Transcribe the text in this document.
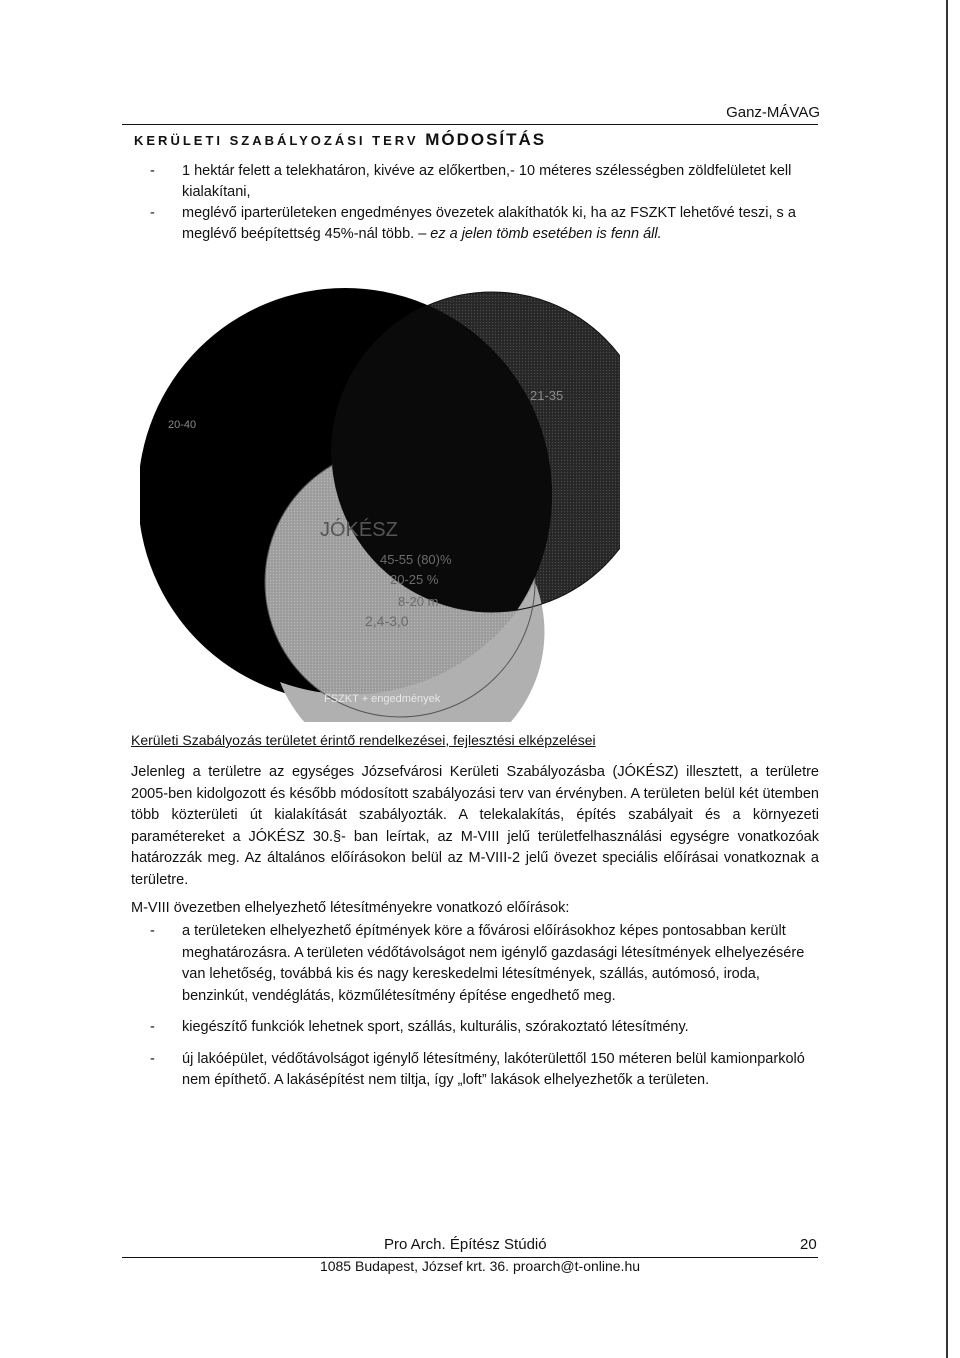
Ganz-MÁVAG
KERÜLETI SZABÁLYOZÁSI TERV MÓDOSÍTÁS
- 1 hektár felett a telekhatáron, kivéve az előkertben,- 10 méteres szélességben zöldfelületet kell kialakítani,
- meglévő iparterületeken engedményes övezetek alakíthatók ki, ha az FSZKT lehetővé teszi, s a meglévő beépítettség 45%-nál több. – ez a jelen tömb esetében is fenn áll.
20-40
21-35
JÓKÉSZ
45-55 (80)%
20-25 %
8-20 m
2,4-3,0
FSZKT + engedmények
Kerületi Szabályozás területet érintő rendelkezései, fejlesztési elképzelései
Jelenleg a területre az egységes Józsefvárosi Kerületi Szabályozásba (JÓKÉSZ) illesztett, a területre 2005-ben kidolgozott és később módosított szabályozási terv van érvényben. A területen belül két ütemben több közterületi út kialakítását szabályozták. A telekalakítás, építés szabályait és a környezeti paramétereket a JÓKÉSZ 30.§- ban leírtak, az M-VIII jelű területfelhasználási egységre vonatkozóak határozzák meg. Az általános előírásokon belül az M-VIII-2 jelű övezet speciális előírásai vonatkoznak a területre.
M-VIII övezetben elhelyezhető létesítményekre vonatkozó előírások:
- a területeken elhelyezhető építmények köre a fővárosi előírásokhoz képes pontosabban került meghatározásra. A területen védőtávolságot nem igénylő gazdasági létesítmények elhelyezésére van lehetőség, továbbá kis és nagy kereskedelmi létesítmények, szállás, autómosó, iroda, benzinkút, vendéglátás, közműlétesítmény építése engedhető meg.
- kiegészítő funkciók lehetnek sport, szállás, kulturális, szórakoztató létesítmény.
- új lakóépület, védőtávolságot igénylő létesítmény, lakóterülettől 150 méteren belül kamionparkoló nem építhető. A lakásépítést nem tiltja, így „loft” lakások elhelyezhetők a területen.
Pro Arch. Építész Stúdió	20
1085 Budapest, József krt. 36. proarch@t-online.hu
